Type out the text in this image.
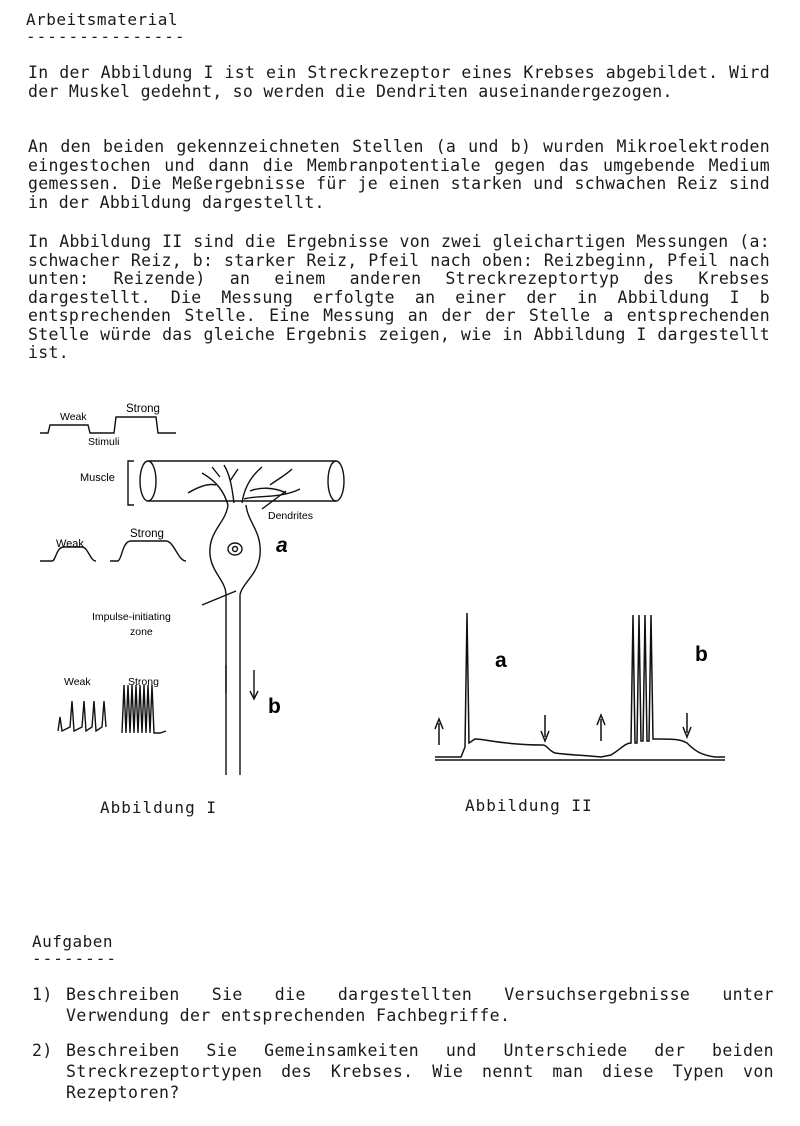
Arbeitsmaterial
---------------
In der Abbildung I ist ein Streckrezeptor eines Krebses abgebildet. Wird der Muskel gedehnt, so werden die Dendriten auseinandergezogen.
An den beiden gekennzeichneten Stellen (a und b) wurden Mikroelektroden eingestochen und dann die Membranpotentiale gegen das umgebende Medium gemessen. Die Meßergebnisse für je einen starken und schwachen Reiz sind in der Abbildung dargestellt.
In Abbildung II sind die Ergebnisse von zwei gleichartigen Messungen (a: schwacher Reiz, b: starker Reiz, Pfeil nach oben: Reizbeginn, Pfeil nach unten: Reizende) an einem anderen Streckrezeptortyp des Krebses dargestellt. Die Messung erfolgte an einer der in Abbildung I b entsprechenden Stelle. Eine Messung an der der Stelle a entsprechenden Stelle würde das gleiche Ergebnis zeigen, wie in Abbildung I dargestellt ist.
Weak
Strong
Stimuli
Muscle
Dendrites
a
Weak
Strong
Impulse-initiating
zone
b
Weak	Strong
Abbildung I
a	b
Abbildung II
Aufgaben
--------
1) Beschreiben Sie die dargestellten Versuchsergebnisse unter Verwendung der entsprechenden Fachbegriffe.
2) Beschreiben Sie Gemeinsamkeiten und Unterschiede der beiden Streckrezeptortypen des Krebses. Wie nennt man diese Typen von Rezeptoren?
